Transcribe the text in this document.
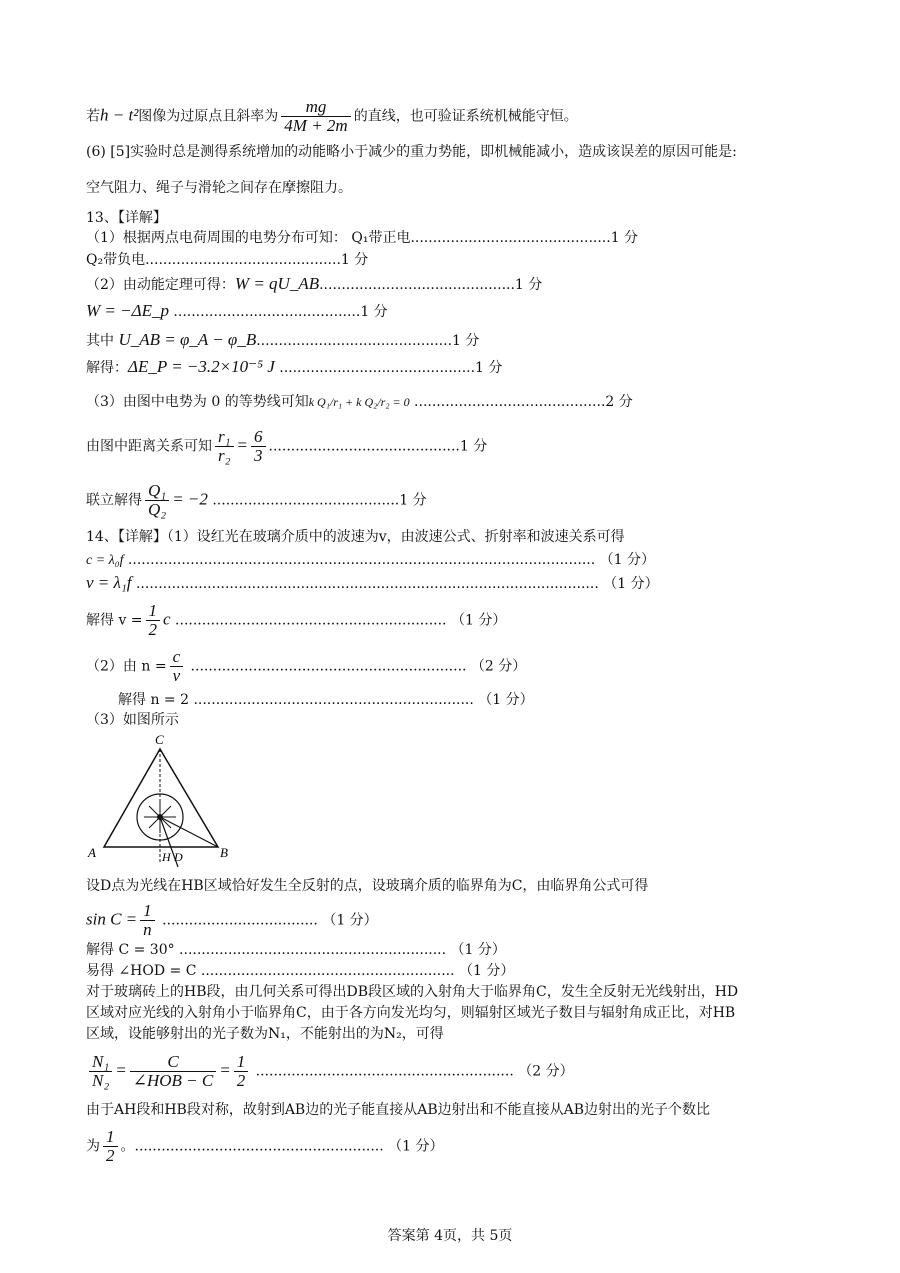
若h − t²图像为过原点且斜率为 $\frac{mg}{4M + 2m}$ 的直线，也可验证系统机械能守恒。
(6) [5]实验时总是测得系统增加的动能略小于减少的重力势能，即机械能减小，造成该误差的原因可能是:
空气阻力、绳子与滑轮之间存在摩擦阻力。
13、【详解】
（1）根据两点电荷周围的电势分布可知： Q₁带正电.............................................1 分
Q₂带负电............................................1 分
（2）由动能定理可得：W = qU_AB............................................1 分
W = −ΔE_p ..........................................1 分
其中 U_AB = φ_A − φ_B............................................1 分
解得：ΔE_P = −3.2×10⁻⁵ J ............................................1 分
（3）由图中电势为 0 的等势线可知k Q₁/r₁ + k Q₂/r₂ = 0 ...........................................2 分
由图中距离关系可知 $\frac{\text{r₁}}{\text{r₂}} = \frac{6}{3} ...........................................1$ 分
联立解得 $\frac{\text{Q₁}}{\text{Q₂}} = -2$ ..........................................1 分
14、【详解】（1）设红光在玻璃介质中的波速为v，由波速公式、折射率和波速关系可得
c = λ₀f ......................................................................................................... （1 分）
v = λ₁f ........................................................................................................ （1 分）
解得 $v = \frac{1}{2}$ c ............................................................. （1 分）
（2）由 $n = \frac{c}{v}$ .............................................................. （2 分）
解得 n = 2 ............................................................... （1 分）
（3）如图所示
C
A	B
H D
设D点为光线在HB区域恰好发生全反射的点，设玻璃介质的临界角为C，由临界角公式可得
$\sin C = \frac{1}{n}$ ................................... （1 分）
解得 C = 30° ............................................................ （1 分）
易得 ∠HOD = C ......................................................... （1 分）
对于玻璃砖上的HB段，由几何关系可得出DB段区域的入射角大于临界角C，发生全反射无光线射出，HD
区域对应光线的入射角小于临界角C，由于各方向发光均匀，则辐射区域光子数目与辐射角成正比，对HB
区域，设能够射出的光子数为N₁，不能射出的为N₂，可得
$\frac{\text{N₁}}{\text{N₂}} = \frac{C}{\text{∠HOB − C}} = \frac{1}{2}$ .......................................................... （2 分）
由于AH段和HB段对称，故射到AB边的光子能直接从AB边射出和不能直接从AB边射出的光子个数比
为 $\frac{1}{2}$ 。........................................................ （1 分）
答案第 4页，共 5页
